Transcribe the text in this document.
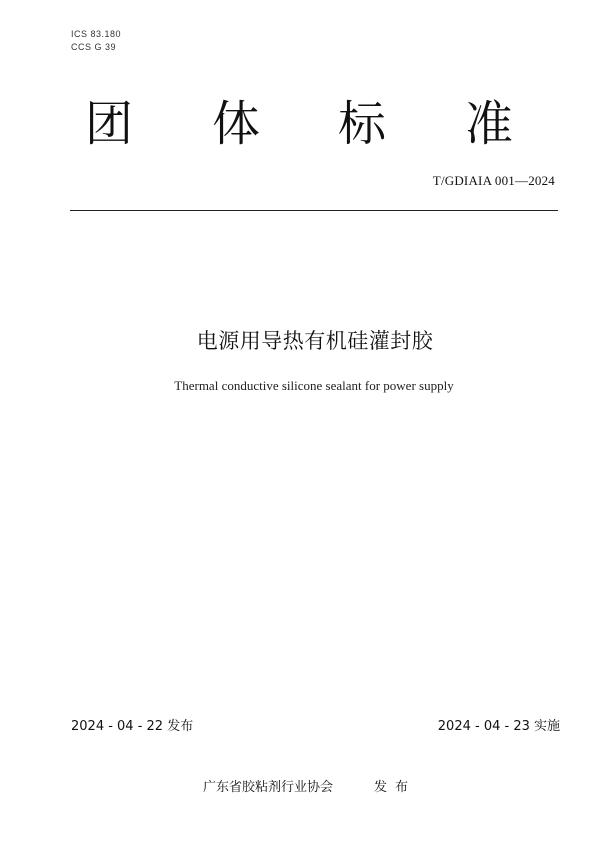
ICS 83.180
CCS G 39
团 体 标 准
T/GDIAIA 001—2024
电源用导热有机硅灌封胶
Thermal conductive silicone sealant for power supply
2024 - 04 - 22 发布	2024 - 04 - 23 实施
广东省胶粘剂行业协会	发布
